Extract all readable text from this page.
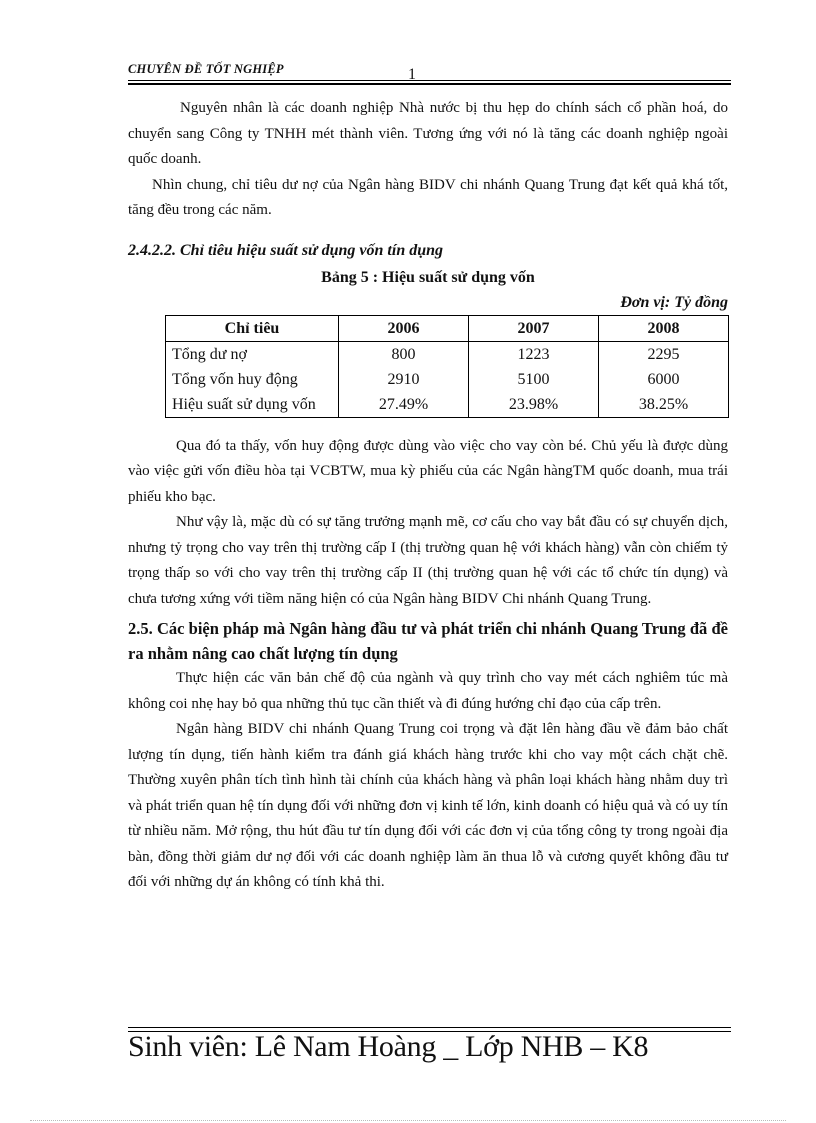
CHUYÊN ĐỀ TỐT NGHIỆP	1

Nguyên nhân là các doanh nghiệp Nhà nước bị thu hẹp do chính sách cổ phần hoá, do chuyển sang Công ty TNHH mét thành viên. Tương ứng với nó là tăng các doanh nghiệp ngoài quốc doanh.

Nhìn chung, chỉ tiêu dư nợ của Ngân hàng BIDV chi nhánh Quang Trung đạt kết quả khá tốt, tăng đều trong các năm.

2.4.2.2. Chỉ tiêu hiệu suất sử dụng vốn tín dụng

Bảng 5 : Hiệu suất sử dụng vốn

Đơn vị: Tỷ đồng

Chỉ tiêu	2006	2007	2008
Tổng dư nợ	800	1223	2295
Tổng vốn huy động	2910	5100	6000
Hiệu suất sử dụng vốn	27.49%	23.98%	38.25%

Qua đó ta thấy, vốn huy động được dùng vào việc cho vay còn bé. Chủ yếu là được dùng vào việc gửi vốn điều hòa tại VCBTW, mua kỳ phiếu của các Ngân hàngTM quốc doanh, mua trái phiếu kho bạc.

Như vậy là, mặc dù có sự tăng trưởng mạnh mẽ, cơ cấu cho vay bắt đầu có sự chuyển dịch, nhưng tỷ trọng cho vay trên thị trường cấp I (thị trường quan hệ với khách hàng) vẫn còn chiếm tỷ trọng thấp so với cho vay trên thị trường cấp II (thị trường quan hệ với các tổ chức tín dụng) và chưa tương xứng với tiềm năng hiện có của Ngân hàng BIDV Chi nhánh Quang Trung.

2.5. Các biện pháp mà Ngân hàng đầu tư và phát triển chi nhánh Quang Trung đã đề ra nhằm nâng cao chất lượng tín dụng

Thực hiện các văn bản chế độ của ngành và quy trình cho vay mét cách nghiêm túc mà không coi nhẹ hay bỏ qua những thủ tục cần thiết và đi đúng hướng chỉ đạo của cấp trên.

Ngân hàng BIDV chi nhánh Quang Trung coi trọng và đặt lên hàng đầu về đảm bảo chất lượng tín dụng, tiến hành kiểm tra đánh giá khách hàng trước khi cho vay một cách chặt chẽ. Thường xuyên phân tích tình hình tài chính của khách hàng và phân loại khách hàng nhằm duy trì và phát triển quan hệ tín dụng đối với những đơn vị kinh tế lớn, kinh doanh có hiệu quả và có uy tín từ nhiều năm. Mở rộng, thu hút đầu tư tín dụng đối với các đơn vị của tổng công ty trong ngoài địa bàn, đồng thời giảm dư nợ đối với các doanh nghiệp làm ăn thua lỗ và cương quyết không đầu tư đối với những dự án không có tính khả thi.

Sinh viên: Lê Nam Hoàng _ Lớp NHB – K8
